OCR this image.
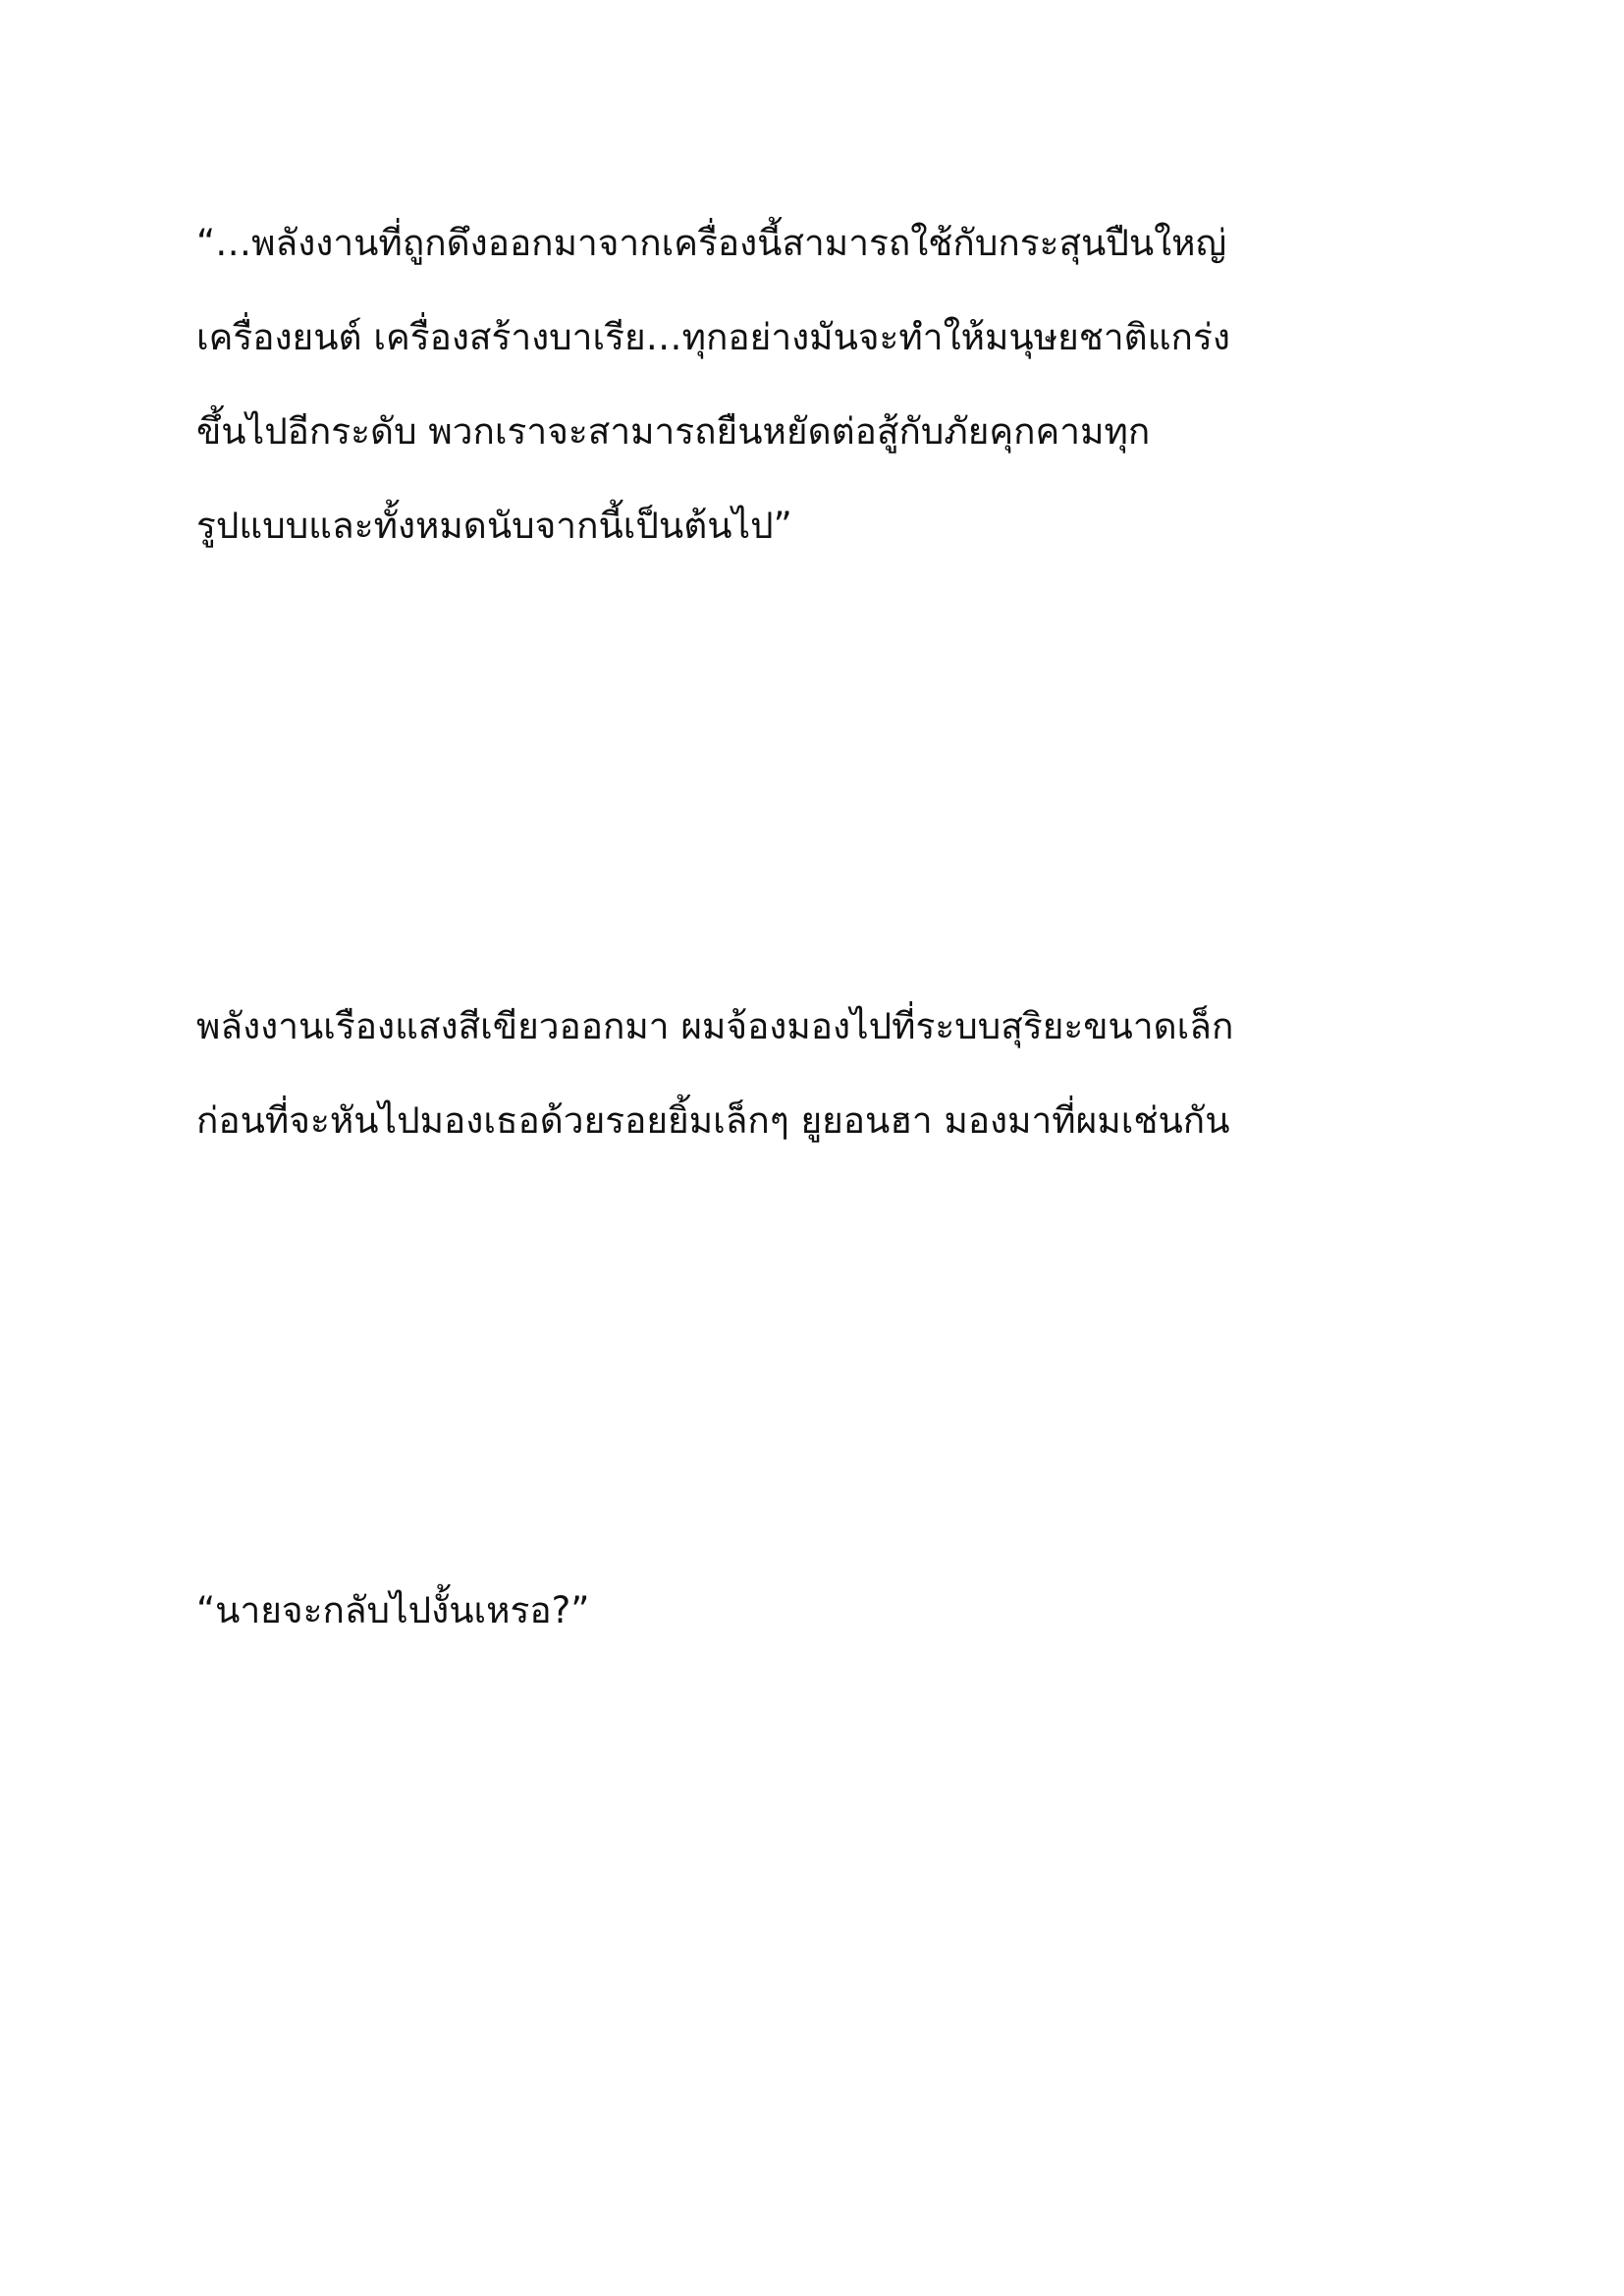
“…พลังงานที่ถูกดึงออกมาจากเครื่องนี้สามารถใช้กับกระสุนปืนใหญ่
เครื่องยนต์ เครื่องสร้างบาเรีย…ทุกอย่างมันจะทำให้มนุษยชาติแกร่ง
ขึ้นไปอีกระดับ พวกเราจะสามารถยืนหยัดต่อสู้กับภัยคุกคามทุก
รูปแบบและทั้งหมดนับจากนี้เป็นต้นไป”

พลังงานเรืองแสงสีเขียวออกมา ผมจ้องมองไปที่ระบบสุริยะขนาดเล็ก
ก่อนที่จะหันไปมองเธอด้วยรอยยิ้มเล็กๆ ยูยอนฮา มองมาที่ผมเช่นกัน

“นายจะกลับไปงั้นเหรอ?”
